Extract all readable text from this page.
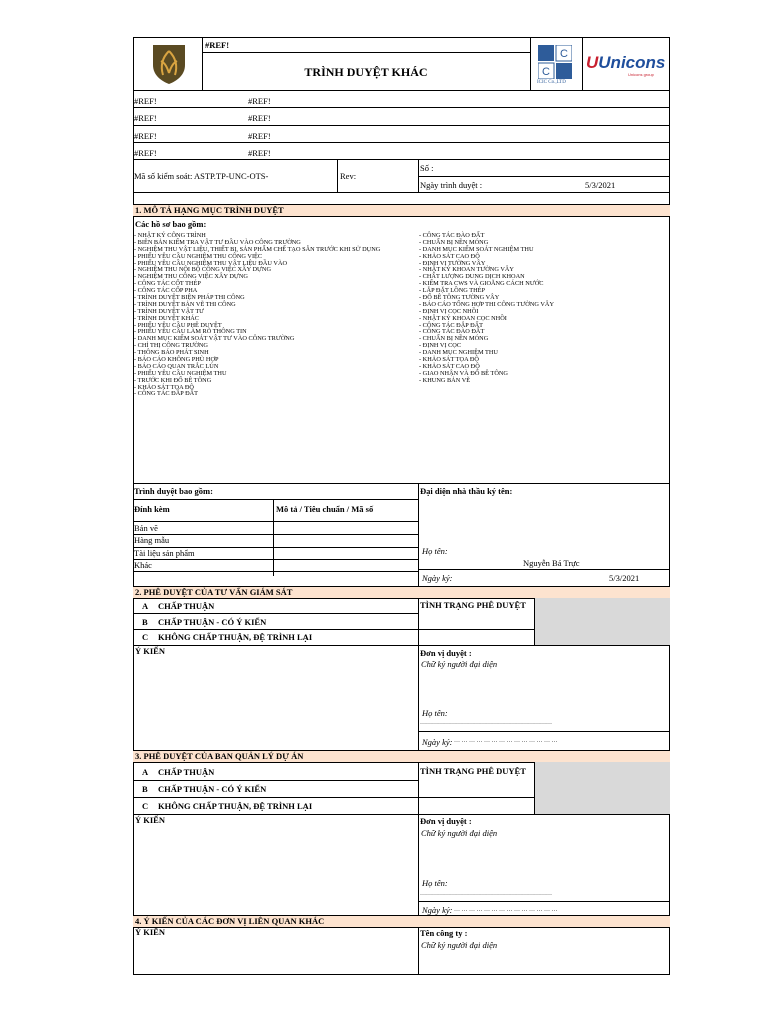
#REF!
TRÌNH DUYỆT KHÁC
C
C
ICIC Co.,LTD
UUnicons
Unicons group
#REF!	#REF!
#REF!	#REF!
#REF!	#REF!
#REF!	#REF!
Mã số kiểm soát: ASTP.TP-UNC-OTS-	Rev:
Số :
Ngày trình duyệt :	5/3/2021
1. MÔ TẢ HẠNG MỤC TRÌNH DUYỆT
Các hồ sơ bao gồm:
- NHẬT KÝ CÔNG TRÌNH
- BIÊN BẢN KIỂM TRA VẬT TƯ ĐẦU VÀO CÔNG TRƯỜNG
- NGHIỆM THU VẬT LIỆU, THIẾT BỊ, SẢN PHẨM CHẾ TẠO SẴN TRƯỚC KHI SỬ DỤNG
- PHIẾU YÊU CẦU NGHIỆM THU CÔNG VIỆC
- PHIẾU YÊU CẦU NGHIỆM THU VẬT LIỆU ĐẦU VÀO
- NGHIỆM THU NỘI BỘ CÔNG VIỆC XÂY DỰNG
- NGHIỆM THU CÔNG VIỆC XÂY DỰNG
- CÔNG TÁC CỐT THÉP
- CÔNG TÁC CỐP PHA
- TRÌNH DUYỆT BIỆN PHÁP THI CÔNG
- TRÌNH DUYỆT BẢN VẼ THI CÔNG
- TRÌNH DUYỆT VẬT TƯ
- TRÌNH DUYỆT KHÁC
- PHIẾU YÊU CẦU PHÊ DUYỆT
- PHIẾU YÊU CẦU LÀM RÕ THÔNG TIN
- DANH MỤC KIỂM SOÁT VẬT TƯ VÀO CÔNG TRƯỜNG
- CHỈ THỊ CÔNG TRƯỜNG
- THÔNG BÁO PHÁT SINH
- BÁO CÁO KHÔNG PHÙ HỢP
- BÁO CÁO QUAN TRẮC LÚN
- PHIẾU YÊU CẦU NGHIỆM THU
- TRƯỚC KHI ĐỔ BÊ TÔNG
- KHẢO SÁT TỌA ĐỘ
- CÔNG TÁC ĐẮP ĐẤT
- CÔNG TÁC ĐÀO ĐẤT
- CHUẨN BỊ NỀN MÓNG
- DANH MỤC KIỂM SOÁT NGHIỆM THU
- KHẢO SÁT CAO ĐỘ
- ĐỊNH VỊ TƯỜNG VÂY
- NHẬT KÝ KHOAN TƯỜNG VÂY
- CHẤT LƯỢNG DUNG DỊCH KHOAN
- KIỂM TRA CWS VÀ GIOĂNG CÁCH NƯỚC
- LẮP ĐẶT LỒNG THÉP
- ĐỔ BÊ TÔNG TƯỜNG VÂY
- BÁO CÁO TỔNG HỢP THI CÔNG TƯỜNG VÂY
- ĐỊNH VỊ CỌC NHỒI
- NHẬT KÝ KHOAN CỌC NHỒI
- CÔNG TÁC ĐẮP ĐẤT
- CÔNG TÁC ĐÀO ĐẤT
- CHUẨN BỊ NỀN MÓNG
- ĐỊNH VỊ CỌC
- DANH MỤC NGHIỆM THU
- KHẢO SÁT TỌA ĐỘ
- KHẢO SÁT CAO ĐỘ
- GIAO NHẬN VÀ ĐỔ BÊ TÔNG
- KHUNG BẢN VẼ
Trình duyệt bao gồm:	Đại diện nhà thầu ký tên:
Đính kèm	Mô tả / Tiêu chuẩn / Mã số
Bản vẽ
Hàng mẫu
Tài liệu sản phẩm
Khác
Họ tên:
Nguyễn Bá Trực
Ngày ký:	5/3/2021
2. PHÊ DUYỆT CỦA TƯ VẤN GIÁM SÁT
A CHẤP THUẬN
B CHẤP THUẬN - CÓ Ý KIẾN
C KHÔNG CHẤP THUẬN, ĐỆ TRÌNH LẠI
TÌNH TRẠNG PHÊ DUYỆT
Ý KIẾN	Đơn vị duyệt :
Chữ ký người đại diện
Họ tên:
…………………………………………………………
Ngày ký: … … … … … … … … … … … … … …
3. PHÊ DUYỆT CỦA BAN QUẢN LÝ DỰ ÁN
A CHẤP THUẬN
B CHẤP THUẬN - CÓ Ý KIẾN
C KHÔNG CHẤP THUẬN, ĐỆ TRÌNH LẠI
TÌNH TRẠNG PHÊ DUYỆT
Ý KIẾN	Đơn vị duyệt :
Chữ ký người đại diện
Họ tên:
…………………………………………………………
Ngày ký: … … … … … … … … … … … … … …
4. Ý KIẾN CỦA CÁC ĐƠN VỊ LIÊN QUAN KHÁC
Ý KIẾN	Tên công ty :
Chữ ký người đại diện
